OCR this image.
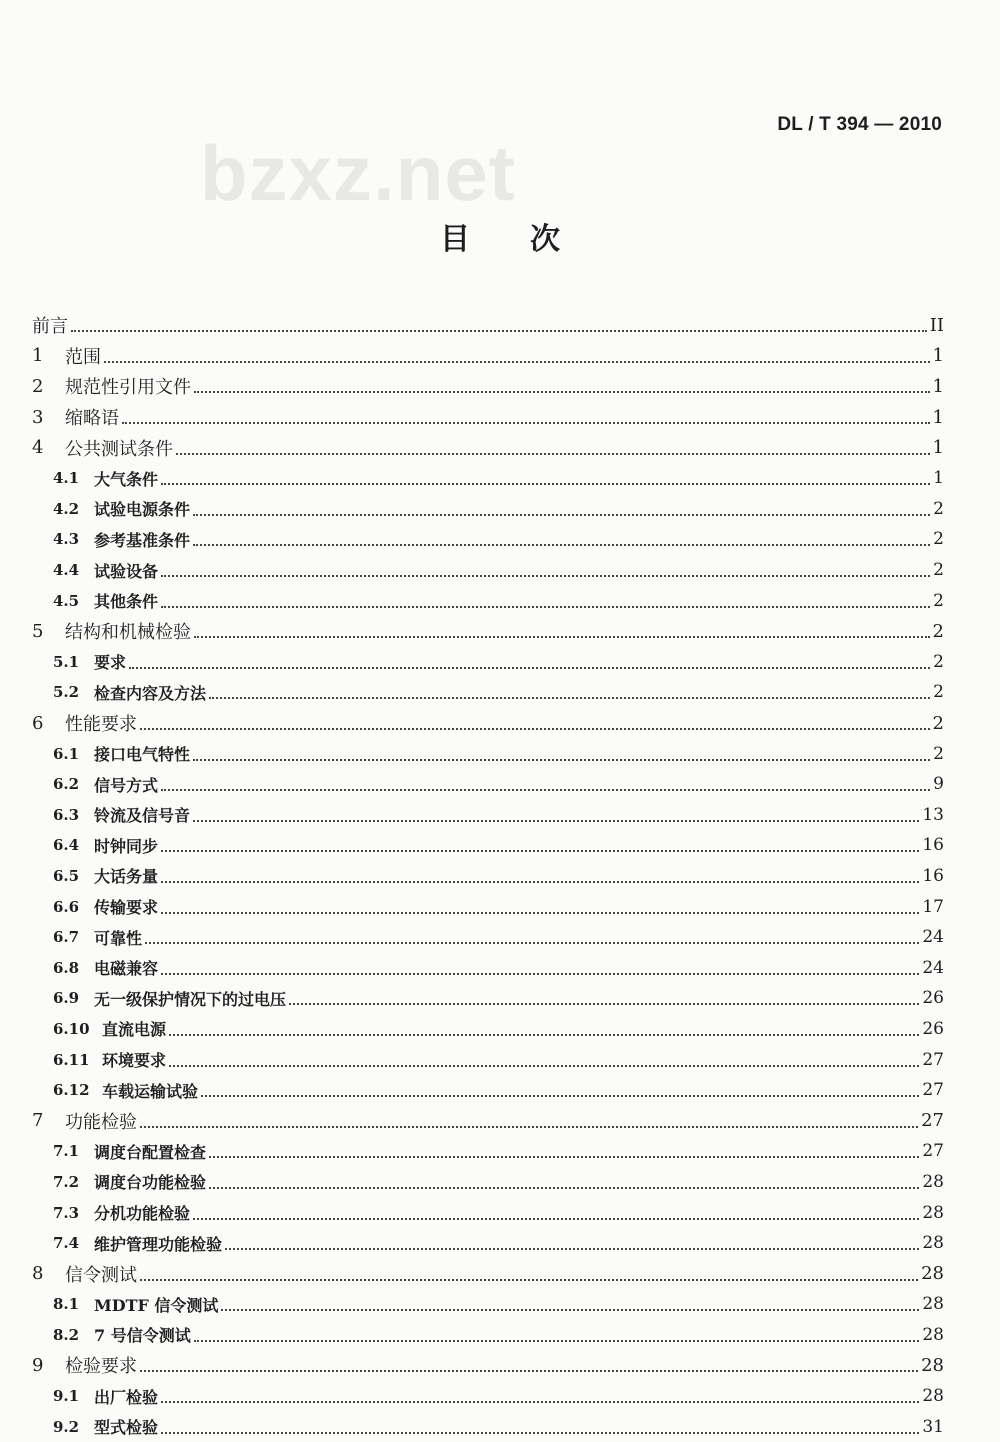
DL / T 394 — 2010
bzxz.net
目次
前言	II
1	范围	1
2	规范性引用文件	1
3	缩略语	1
4	公共测试条件	1
4.1 大气条件	1
4.2 试验电源条件	2
4.3 参考基准条件	2
4.4 试验设备	2
4.5 其他条件	2
5	结构和机械检验	2
5.1 要求	2
5.2 检查内容及方法	2
6	性能要求	2
6.1 接口电气特性	2
6.2 信号方式	9
6.3 铃流及信号音	13
6.4 时钟同步	16
6.5 大话务量	16
6.6 传输要求	17
6.7 可靠性	24
6.8 电磁兼容	24
6.9 无一级保护情况下的过电压	26
6.10 直流电源	26
6.11 环境要求	27
6.12 车载运输试验	27
7	功能检验	27
7.1 调度台配置检查	27
7.2 调度台功能检验	28
7.3 分机功能检验	28
7.4 维护管理功能检验	28
8	信令测试	28
8.1 MDTF 信令测试	28
8.2 7 号信令测试	28
9	检验要求	28
9.1 出厂检验	28
9.2 型式检验	31
